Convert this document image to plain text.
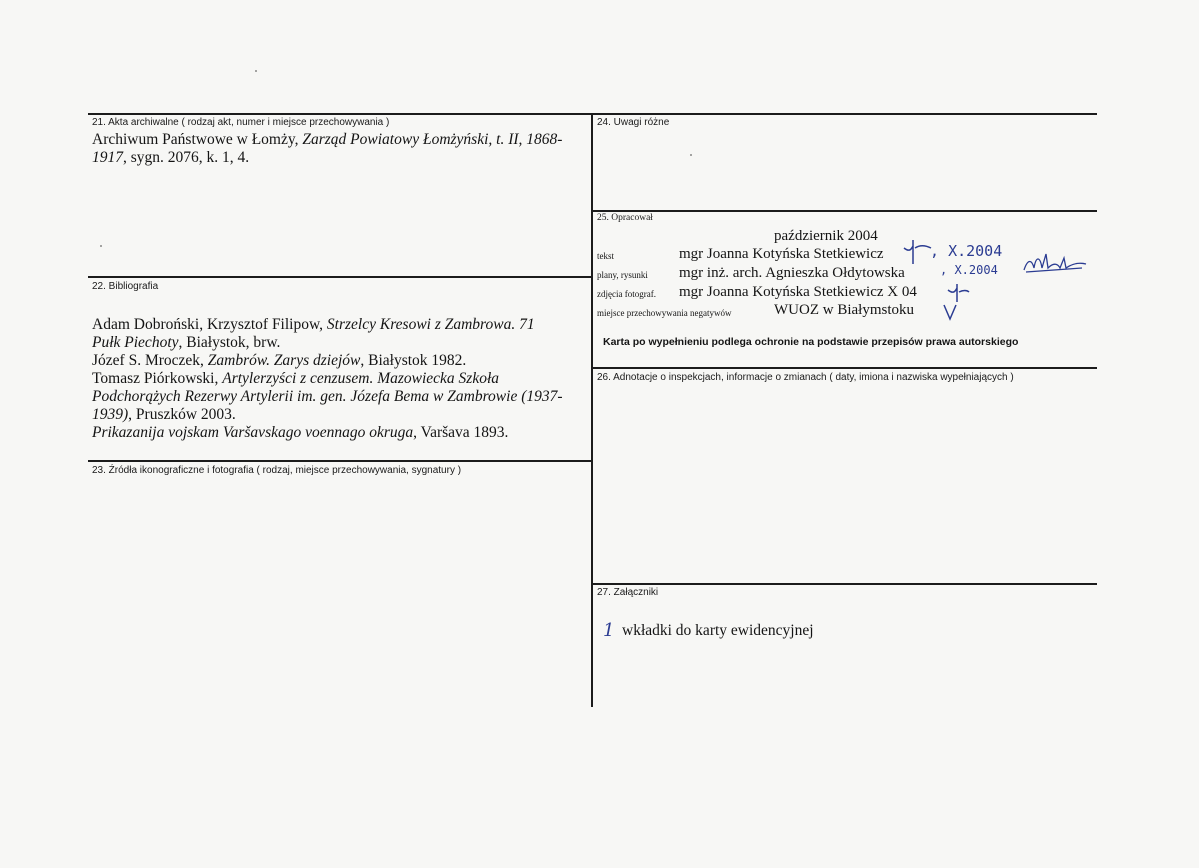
21. Akta archiwalne ( rodzaj akt, numer i miejsce przechowywania )
Archiwum Państwowe w Łomży, Zarząd Powiatowy Łomżyński, t. II, 1868-1917, sygn. 2076, k. 1, 4.
22. Bibliografia

Adam Dobroński, Krzysztof Filipow, Strzelcy Kresowi z Zambrowa. 71 Pułk Piechoty, Białystok, brw.

Józef S. Mroczek, Zambrów. Zarys dziejów, Białystok 1982.

Tomasz Piórkowski, Artylerzyści z cenzusem. Mazowiecka Szkoła Podchorążych Rezerwy Artylerii im. gen. Józefa Bema w Zambrowie (1937-1939), Pruszków 2003.

Prikazanija vojskam Varšavskago voennago okruga, Varšava 1893.

23. Źródła ikonograficzne i fotografia ( rodzaj, miejsce przechowywania, sygnatury )
24. Uwagi różne
25. Opracował
październik 2004
tekst	mgr Joanna Kotyńska Stetkiewicz
plany, rysunki mgr inż. arch. Agnieszka Ołdytowska
zdjęcia fotograf. mgr Joanna Kotyńska Stetkiewicz X 04
miejsce przechowywania negatywów	WUOZ w Białymstoku
, X.2004
, X.2004
Karta po wypełnieniu podlega ochronie na podstawie przepisów prawa autorskiego
26. Adnotacje o inspekcjach, informacje o zmianach ( daty, imiona i nazwiska wypełniających )
27. Załączniki
1 wkładki do karty ewidencyjnej
